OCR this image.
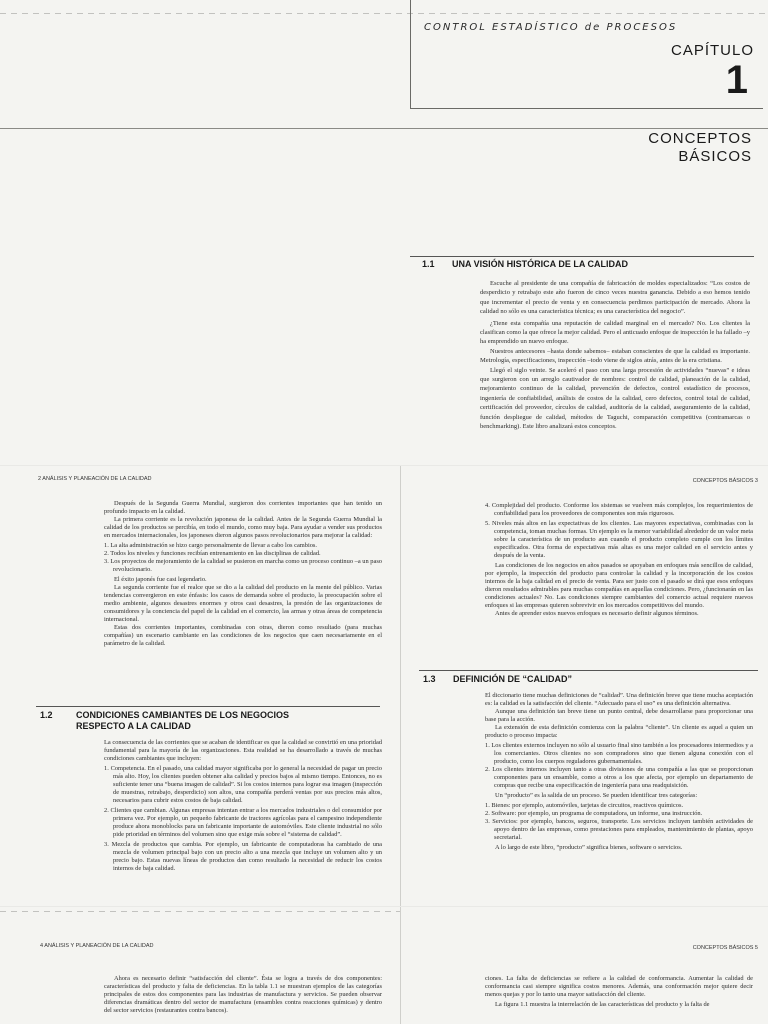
CONTROL ESTADÍSTICO de PROCESOS
CAPÍTULO
1
CONCEPTOS
BÁSICOS
1.1 UNA VISIÓN HISTÓRICA DE LA CALIDAD

Escuche al presidente de una compañía de fabricación de moldes especializados: “Los costos de desperdicio y retrabajo este año fueron de cinco veces nuestra ganancia. Debido a eso hemos tenido que incrementar el precio de venta y en consecuencia perdimos participación de mercado. Ahora la calidad no sólo es una característica técnica; es una característica del negocio”.

¿Tiene esta compañía una reputación de calidad marginal en el mercado? No. Los clientes la clasifican como la que ofrece la mejor calidad. Pero el anticuado enfoque de inspección le ha fallado –y ha emprendido un nuevo enfoque.

Nuestros antecesores –hasta donde sabemos– estaban conscientes de que la calidad es importante. Metrología, especificaciones, inspección –todo viene de siglos atrás, antes de la era cristiana.

Llegó el siglo veinte. Se aceleró el paso con una larga procesión de actividades “nuevas” e ideas que surgieron con un arreglo cautivador de nombres: control de calidad, planeación de la calidad, mejoramiento continuo de la calidad, prevención de defectos, control estadístico de procesos, ingeniería de confiabilidad, análisis de costos de la calidad, cero defectos, control total de calidad, certificación del proveedor, círculos de calidad, auditoría de la calidad, aseguramiento de la calidad, función despliegue de calidad, métodos de Taguchi, comparación competitiva (contramarcas o benchmarking). Este libro analizará estos conceptos.

2 ANÁLISIS Y PLANEACIÓN DE LA CALIDAD

Después de la Segunda Guerra Mundial, surgieron dos corrientes importantes que han tenido un profundo impacto en la calidad.

La primera corriente es la revolución japonesa de la calidad. Antes de la Segunda Guerra Mundial la calidad de los productos se percibía, en todo el mundo, como muy baja. Para ayudar a vender sus productos en mercados internacionales, los japoneses dieron algunos pasos revolucionarios para mejorar la calidad:

1. La alta administración se hizo cargo personalmente de llevar a cabo los cambios.
2. Todos los niveles y funciones recibían entrenamiento en las disciplinas de calidad.
3. Los proyectos de mejoramiento de la calidad se pusieron en marcha como un proceso continuo –a un paso revolucionario.

El éxito japonés fue casi legendario.

La segunda corriente fue el realce que se dio a la calidad del producto en la mente del público. Varias tendencias convergieron en este énfasis: los casos de demanda sobre el producto, la preocupación sobre el medio ambiente, algunos desastres enormes y otros casi desastres, la presión de las organizaciones de consumidores y la conciencia del papel de la calidad en el comercio, las armas y otras áreas de competencia internacional.

Estas dos corrientes importantes, combinadas con otras, dieron como resultado (para muchas compañías) un escenario cambiante en las condiciones de los negocios que caen necesariamente en el parámetro de la calidad.

1.2	CONDICIONES CAMBIANTES DE LOS NEGOCIOS
RESPECTO A LA CALIDAD

La consecuencia de las corrientes que se acaban de identificar es que la calidad se convirtió en una prioridad fundamental para la mayoría de las organizaciones. Esta realidad se ha desarrollado a través de muchas condiciones cambiantes que incluyen:

1. Competencia. En el pasado, una calidad mayor significaba por lo general la necesidad de pagar un precio más alto. Hoy, los clientes pueden obtener alta calidad y precios bajos al mismo tiempo. Entonces, no es suficiente tener una “buena imagen de calidad”. Si los costos internos para lograr esa imagen (inspección de muestras, retrabajo, desperdicio) son altos, una compañía perderá ventas por sus precios más altos, necesarios para cubrir estos costos de baja calidad.
2. Clientes que cambian. Algunas empresas intentan entrar a los mercados industriales o del consumidor por primera vez. Por ejemplo, un pequeño fabricante de tractores agrícolas para el campesino independiente produce ahora monoblocks para un fabricante importante de automóviles. Este cliente industrial no sólo pide prioridad en términos del volumen sino que exige más sobre el “sistema de calidad”.
3. Mezcla de productos que cambia. Por ejemplo, un fabricante de computadoras ha cambiado de una mezcla de volumen principal bajo con un precio alto a una mezcla que incluye un volumen alto y un precio bajo. Estas nuevas líneas de productos dan como resultado la necesidad de reducir los costos internos de baja calidad.
CONCEPTOS BÁSICOS 3
4. Complejidad del producto. Conforme los sistemas se vuelven más complejos, los requerimientos de confiabilidad para los proveedores de componentes son más rigurosos.
5. Niveles más altos en las expectativas de los clientes. Las mayores expectativas, combinadas con la competencia, toman muchas formas. Un ejemplo es la menor variabilidad alrededor de un valor meta sobre la característica de un producto aun cuando el producto completo cumple con los límites especificados. Otra forma de expectativas más altas es una mejor calidad en el servicio antes y después de la venta.

Las condiciones de los negocios en años pasados se apoyaban en enfoques más sencillos de calidad, por ejemplo, la inspección del producto para controlar la calidad y la incorporación de los costos internos de la baja calidad en el precio de venta. Para ser justo con el pasado se dirá que esos enfoques dieron resultados admirables para muchas compañías en aquellas condiciones. Pero, ¿funcionarán en las condiciones actuales? No. Las condiciones siempre cambiantes del comercio actual requiere nuevos enfoques si las empresas quieren sobrevivir en los mercados competitivos del mundo.

Antes de aprender estos nuevos enfoques es necesario definir algunos términos.

1.3 DEFINICIÓN DE “CALIDAD”

El diccionario tiene muchas definiciones de “calidad”. Una definición breve que tiene mucha aceptación es: la calidad es la satisfacción del cliente. “Adecuado para el uso” es una definición alternativa.

Aunque una definición tan breve tiene un punto central, debe desarrollarse para proporcionar una base para la acción.

La extensión de esta definición comienza con la palabra “cliente”. Un cliente es aquel a quien un producto o proceso impacta:

1. Los clientes externos incluyen no sólo al usuario final sino también a los procesadores intermedios y a los comerciantes. Otros clientes no son compradores sino que tienen alguna conexión con el producto, como los cuerpos reguladores gubernamentales.
2. Los clientes internos incluyen tanto a otras divisiones de una compañía a las que se proporcionan componentes para un ensamble, como a otros a los que afecta, por ejemplo un departamento de compras que recibe una especificación de ingeniería para una readquisición.

Un “producto” es la salida de un proceso. Se pueden identificar tres categorías:

1. Bienes: por ejemplo, automóviles, tarjetas de circuitos, reactivos químicos.
2. Software: por ejemplo, un programa de computadora, un informe, una instrucción.
3. Servicios: por ejemplo, bancos, seguros, transporte. Los servicios incluyen también actividades de apoyo dentro de las empresas, como prestaciones para empleados, mantenimiento de plantas, apoyo secretarial.

A lo largo de este libro, “producto” significa bienes, software o servicios.

4 ANÁLISIS Y PLANEACIÓN DE LA CALIDAD

Ahora es necesario definir “satisfacción del cliente”. Ésta se logra a través de dos componentes: características del producto y falta de deficiencias. En la tabla 1.1 se muestran ejemplos de las categorías principales de estos dos componentes para las industrias de manufactura y servicios. Se pueden observar diferencias dramáticas dentro del sector de manufactura (ensambles contra reacciones químicas) y dentro del sector servicios (restaurantes contra bancos).

CONCEPTOS BÁSICOS 5

ciones. La falta de deficiencias se refiere a la calidad de conformancia. Aumentar la calidad de conformancia casi siempre significa costos menores. Además, una conformación mejor quiere decir menos quejas y por lo tanto una mayor satisfacción del cliente.

La figura 1.1 muestra la interrelación de las características del producto y la falta de
